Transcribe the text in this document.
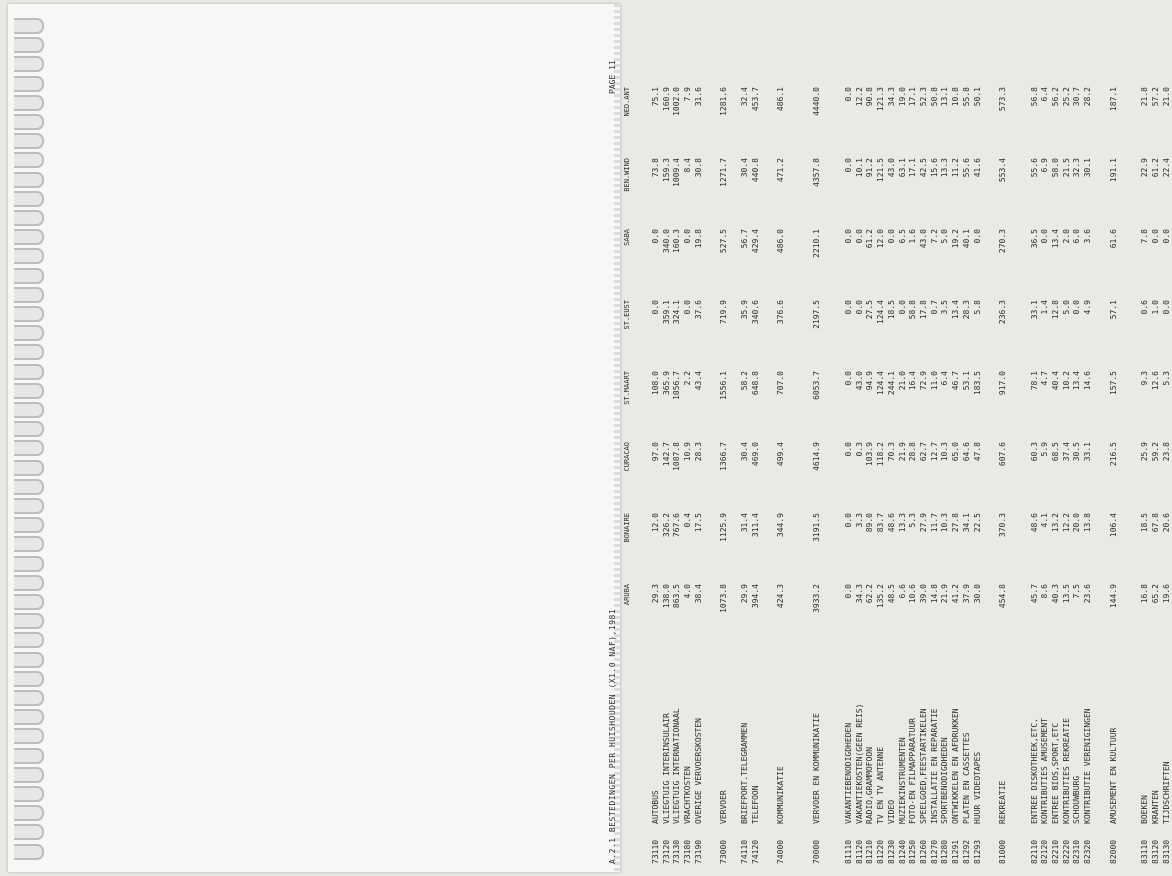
A.2.1 BESTEDINGEN PER HUISHOUDEN (X1.0 NAF),1981
PAGE 11
ARUBA
BONAIRE
CURACAO
ST.MAART
ST.EUST
SABA
BEN.WIND
NED.ANT
73110
AUTOBUS
29.3
12.0
97.0
108.0
0.0
0.0
73.8
75.1
73120
VLIEGTUIG INTERINSULAIR
138.0
326.2
142.7
365.9
359.1
340.0
159.3
160.9
73130
VLIEGTUIG INTERNATIONAAL
863.5
767.6
1087.8
1056.7
324.1
160.3
1009.4
1002.0
73180
VRACHTKOSTEN
4.0
0.4
10.9
2.2
0.0
0.0
8.4
7.9
73190
OVERIGE VERVOERSKOSTEN
38.4
17.5
28.3
43.4
37.6
19.8
30.8
31.6
73000
VERVOER
1073.8
1125.9
1366.7
1556.1
719.9
527.5
1271.7
1281.6
74110
BRIEFPORT.TELEGRAMMEN
29.9
31.4
30.4
58.2
35.9
56.7
30.4
32.4
74120
TELEFOON
394.4
311.4
469.0
648.8
340.6
429.4
440.8
453.7
74000
KOMMUNIKATIE
424.3
344.9
499.4
707.0
376.6
486.0
471.2
486.1
70000
VERVOER EN KOMMUNIKATIE
3933.2
3191.5
4614.9
6053.7
2197.5
2210.1
4357.8
4440.0
81110
VAKANTIEBENODIGDHEDEN
0.0
0.0
0.0
0.0
0.0
0.0
0.0
0.0
81120
VAKANTIEKOSTEN(GEEN REIS)
34.3
3.3
0.3
43.0
0.0
0.0
10.1
12.2
81210
RADIO,GRAMMOFOON
62.2
89.0
103.9
94.9
27.5
61.2
91.2
90.8
81220
TV EN TV ANTENNE
135.2
83.7
118.2
124.4
124.4
12.0
121.5
121.3
81230
VIDEO
48.5
48.6
70.3
244.1
18.5
0.0
43.0
34.3
81240
MUZIEKINSTRUMENTEN
6.6
13.3
21.9
21.0
0.0
6.5
63.1
19.0
81250
FOTO-EN FILMAPPARATUUR
10.6
5.3
28.8
16.4
58.8
1.6
17.1
17.1
81260
SPEELGOED,FEESTARTIKELEN
39.0
27.9
62.7
72.9
17.8
43.0
42.5
52.3
81270
INSTALLATIE EN REPARATIE
14.8
11.7
12.7
11.0
0.7
7.2
15.6
50.8
81280
SPORTBENODIGDHEDEN
21.9
10.3
10.3
6.4
3.5
5.0
13.3
13.1
81291
ONTWIKKELEN EN AFDRUKKEN
41.2
27.8
65.0
46.7
13.4
19.2
11.2
10.8
81292
PLATEN EN CASSETTES
37.9
34.1
64.6
53.1
28.3
40.1
55.6
55.8
81293
HUUR VIDEOTAPES
30.0
22.5
47.8
183.5
5.8
0.0
41.6
50.1
81000
REKREATIE
454.8
370.3
607.6
917.0
236.3
270.3
553.4
573.3
82110
ENTREE DISKOTHEEK,ETC.
45.7
48.6
60.3
78.1
33.1
36.5
55.6
56.8
82120
KONTRIBUTIES AMUSEMENT
8.6
4.1
5.9
4.7
1.4
0.0
6.9
6.4
82210
ENTREE BIOS,SPORT,ETC
40.3
13.2
68.5
40.4
12.8
13.4
58.0
56.2
82220
KONTRIBUTIES REKREATIE
13.5
12.2
37.4
10.2
5.0
2.0
21.5
25.2
82310
SCHOUWBURG
7.5
20.0
30.5
13.4
0.0
6.0
32.3
30.7
82320
KONTRIBUTIE VERENIGINGEN
23.6
13.8
33.1
14.6
4.9
3.6
30.1
28.2
82000
AMUSEMENT EN KULTUUR
144.9
106.4
216.5
157.5
57.1
61.6
191.1
187.1
83110
BOEKEN
16.8
18.5
25.9
9.3
0.6
7.8
22.9
21.8
83120
KRANTEN
65.2
67.8
59.2
12.6
1.0
0.0
61.2
57.2
83130
TIJDSCHRIFTEN
19.6
20.6
23.8
5.3
0.0
0.0
22.4
21.0
